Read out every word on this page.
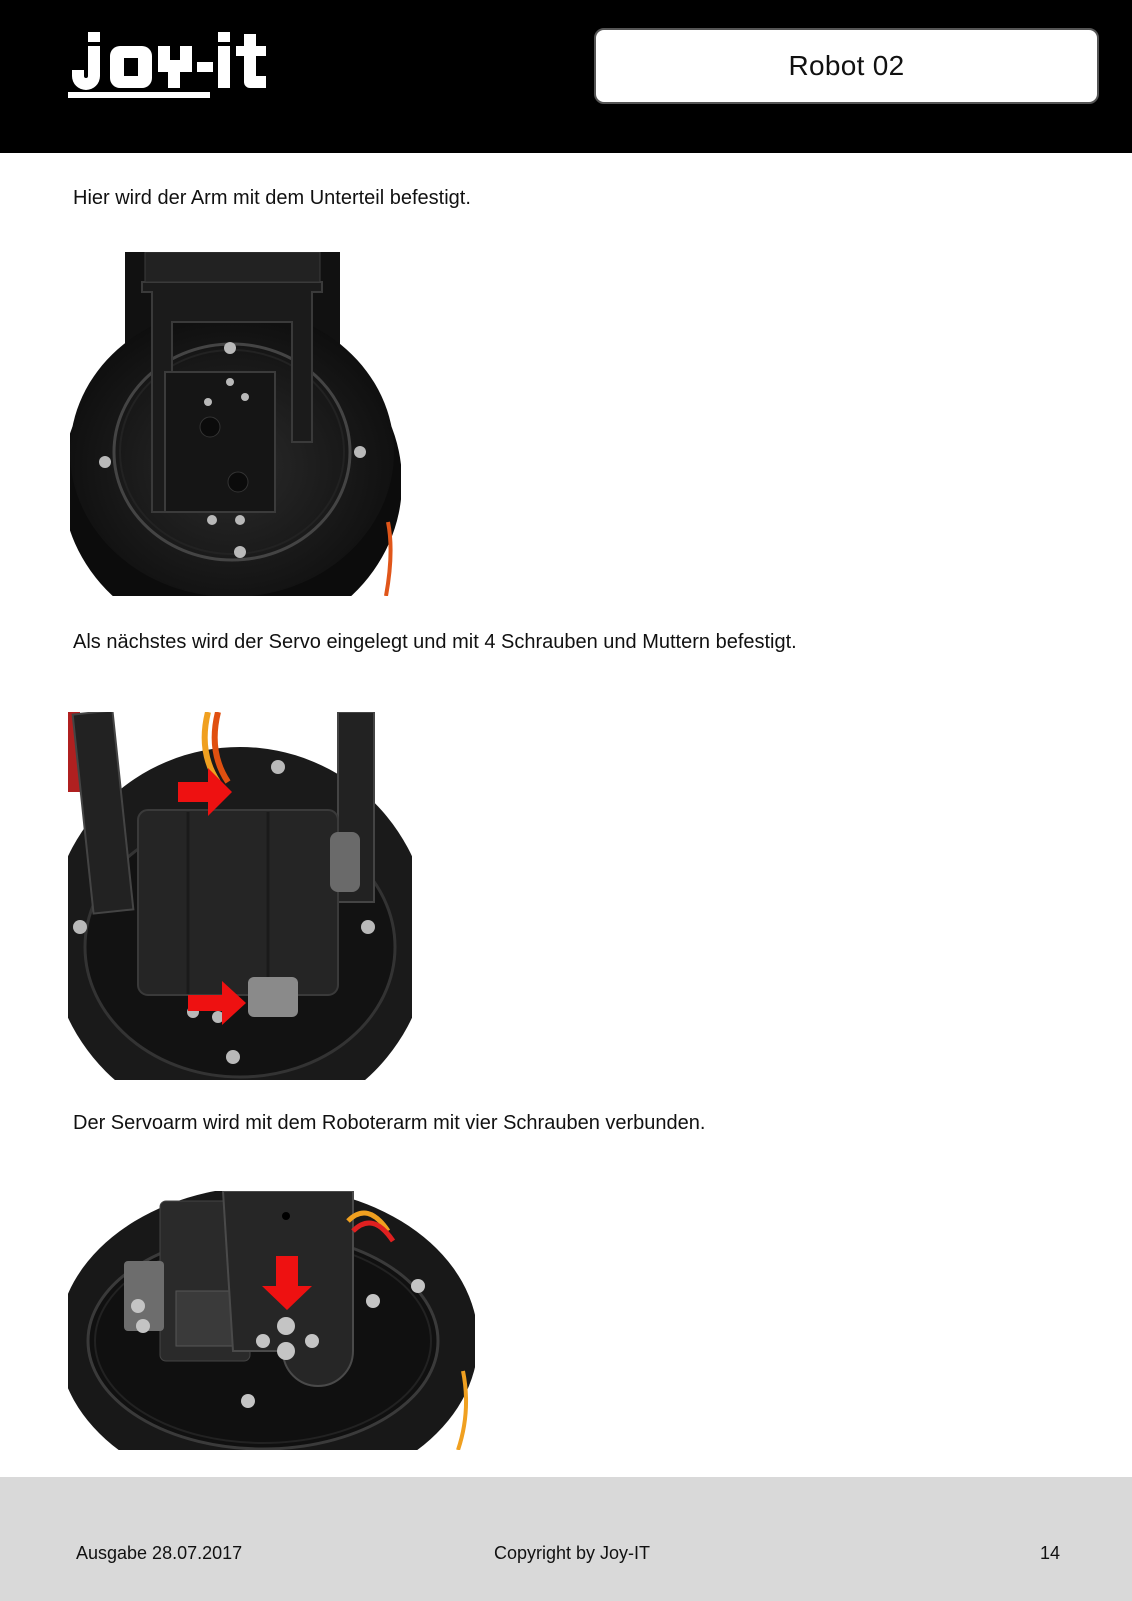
Robot 02

Hier wird der Arm mit dem Unterteil befestigt.

Als nächstes wird der Servo eingelegt und mit 4 Schrauben und Muttern befestigt.

Der Servoarm wird mit dem Roboterarm mit vier Schrauben verbunden.

Ausgabe 28.07.2017	Copyright by Joy-IT	14
